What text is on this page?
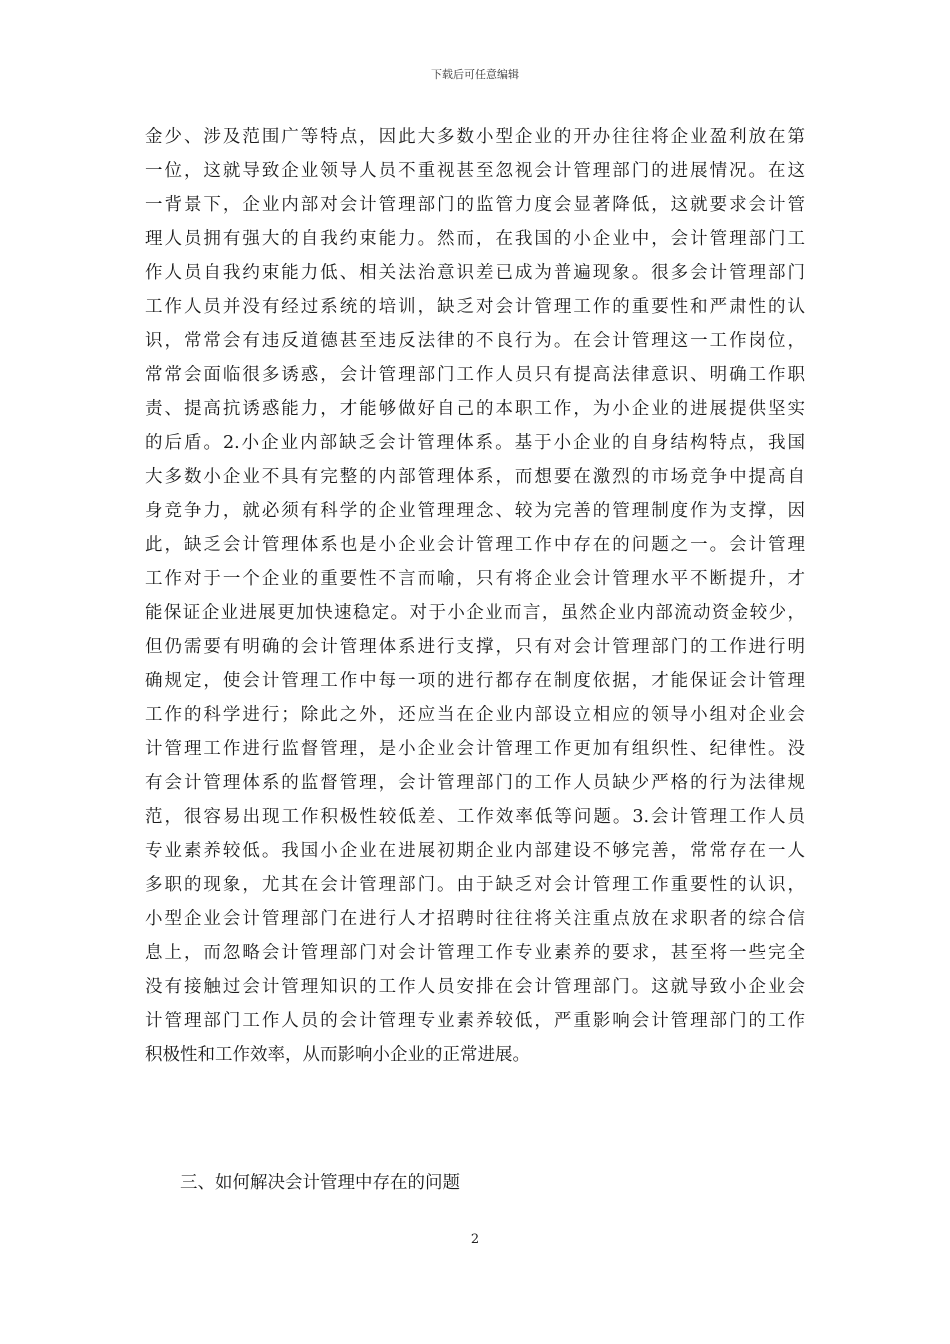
下载后可任意编辑
金少、涉及范围广等特点，因此大多数小型企业的开办往往将企业盈利放在第
一位，这就导致企业领导人员不重视甚至忽视会计管理部门的进展情况。在这
一背景下，企业内部对会计管理部门的监管力度会显著降低，这就要求会计管
理人员拥有强大的自我约束能力。然而，在我国的小企业中，会计管理部门工
作人员自我约束能力低、相关法治意识差已成为普遍现象。很多会计管理部门
工作人员并没有经过系统的培训，缺乏对会计管理工作的重要性和严肃性的认
识，常常会有违反道德甚至违反法律的不良行为。在会计管理这一工作岗位，
常常会面临很多诱惑，会计管理部门工作人员只有提高法律意识、明确工作职
责、提高抗诱惑能力，才能够做好自己的本职工作，为小企业的进展提供坚实
的后盾。2.小企业内部缺乏会计管理体系。基于小企业的自身结构特点，我国
大多数小企业不具有完整的内部管理体系，而想要在激烈的市场竞争中提高自
身竞争力，就必须有科学的企业管理理念、较为完善的管理制度作为支撑，因
此，缺乏会计管理体系也是小企业会计管理工作中存在的问题之一。会计管理
工作对于一个企业的重要性不言而喻，只有将企业会计管理水平不断提升，才
能保证企业进展更加快速稳定。对于小企业而言，虽然企业内部流动资金较少，
但仍需要有明确的会计管理体系进行支撑，只有对会计管理部门的工作进行明
确规定，使会计管理工作中每一项的进行都存在制度依据，才能保证会计管理
工作的科学进行；除此之外，还应当在企业内部设立相应的领导小组对企业会
计管理工作进行监督管理，是小企业会计管理工作更加有组织性、纪律性。没
有会计管理体系的监督管理，会计管理部门的工作人员缺少严格的行为法律规
范，很容易出现工作积极性较低差、工作效率低等问题。3.会计管理工作人员
专业素养较低。我国小企业在进展初期企业内部建设不够完善，常常存在一人
多职的现象，尤其在会计管理部门。由于缺乏对会计管理工作重要性的认识，
小型企业会计管理部门在进行人才招聘时往往将关注重点放在求职者的综合信
息上，而忽略会计管理部门对会计管理工作专业素养的要求，甚至将一些完全
没有接触过会计管理知识的工作人员安排在会计管理部门。这就导致小企业会
计管理部门工作人员的会计管理专业素养较低，严重影响会计管理部门的工作
积极性和工作效率，从而影响小企业的正常进展。
三、如何解决会计管理中存在的问题
2
